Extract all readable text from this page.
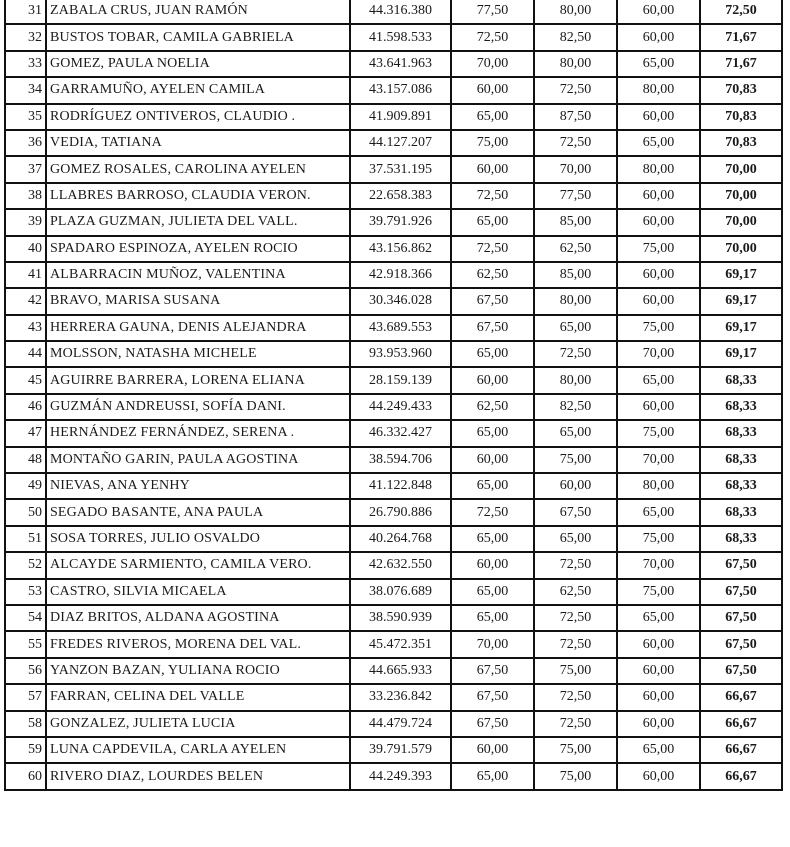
31	ZABALA CRUS, JUAN RAMÓN	44.316.380	77,50	80,00	60,00	72,50
32	BUSTOS TOBAR, CAMILA GABRIELA	41.598.533	72,50	82,50	60,00	71,67
33	GOMEZ, PAULA NOELIA	43.641.963	70,00	80,00	65,00	71,67
34	GARRAMUÑO, AYELEN CAMILA	43.157.086	60,00	72,50	80,00	70,83
35	RODRÍGUEZ ONTIVEROS, CLAUDIO .	41.909.891	65,00	87,50	60,00	70,83
36	VEDIA, TATIANA	44.127.207	75,00	72,50	65,00	70,83
37	GOMEZ ROSALES, CAROLINA AYELEN	37.531.195	60,00	70,00	80,00	70,00
38	LLABRES BARROSO, CLAUDIA VERON.	22.658.383	72,50	77,50	60,00	70,00
39	PLAZA GUZMAN, JULIETA DEL VALL.	39.791.926	65,00	85,00	60,00	70,00
40	SPADARO ESPINOZA, AYELEN ROCIO	43.156.862	72,50	62,50	75,00	70,00
41	ALBARRACIN MUÑOZ, VALENTINA	42.918.366	62,50	85,00	60,00	69,17
42	BRAVO, MARISA SUSANA	30.346.028	67,50	80,00	60,00	69,17
43	HERRERA GAUNA, DENIS ALEJANDRA	43.689.553	67,50	65,00	75,00	69,17
44	MOLSSON, NATASHA MICHELE	93.953.960	65,00	72,50	70,00	69,17
45	AGUIRRE BARRERA, LORENA ELIANA	28.159.139	60,00	80,00	65,00	68,33
46	GUZMÁN ANDREUSSI, SOFÍA DANI.	44.249.433	62,50	82,50	60,00	68,33
47	HERNÁNDEZ FERNÁNDEZ, SERENA .	46.332.427	65,00	65,00	75,00	68,33
48	MONTAÑO GARIN, PAULA AGOSTINA	38.594.706	60,00	75,00	70,00	68,33
49	NIEVAS, ANA YENHY	41.122.848	65,00	60,00	80,00	68,33
50	SEGADO BASANTE, ANA PAULA	26.790.886	72,50	67,50	65,00	68,33
51	SOSA TORRES, JULIO OSVALDO	40.264.768	65,00	65,00	75,00	68,33
52	ALCAYDE SARMIENTO, CAMILA VERO.	42.632.550	60,00	72,50	70,00	67,50
53	CASTRO, SILVIA MICAELA	38.076.689	65,00	62,50	75,00	67,50
54	DIAZ BRITOS, ALDANA AGOSTINA	38.590.939	65,00	72,50	65,00	67,50
55	FREDES RIVEROS, MORENA DEL VAL.	45.472.351	70,00	72,50	60,00	67,50
56	YANZON BAZAN, YULIANA ROCIO	44.665.933	67,50	75,00	60,00	67,50
57	FARRAN, CELINA DEL VALLE	33.236.842	67,50	72,50	60,00	66,67
58	GONZALEZ, JULIETA LUCIA	44.479.724	67,50	72,50	60,00	66,67
59	LUNA CAPDEVILA, CARLA AYELEN	39.791.579	60,00	75,00	65,00	66,67
60	RIVERO DIAZ, LOURDES BELEN	44.249.393	65,00	75,00	60,00	66,67
